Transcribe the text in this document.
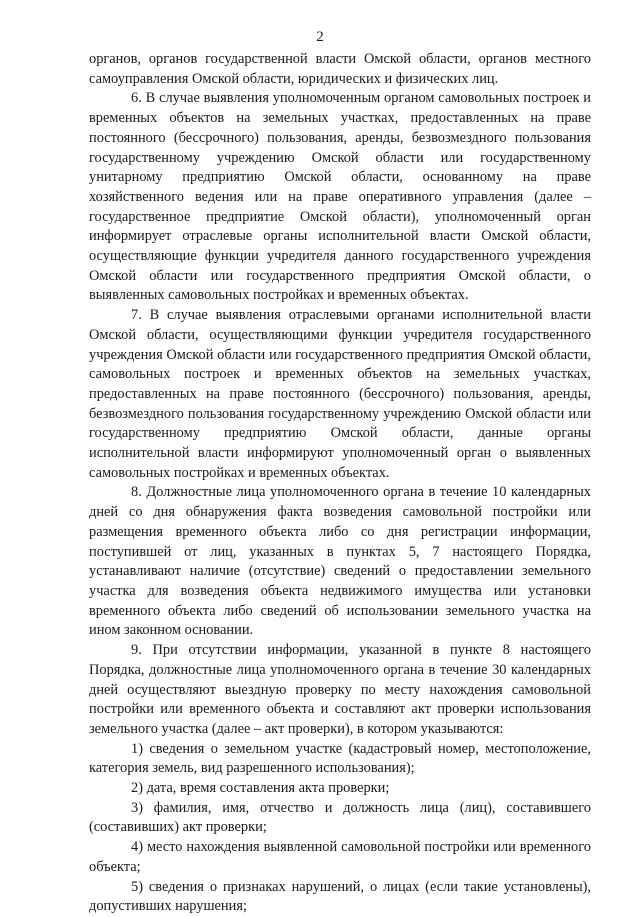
2

органов, органов государственной власти Омской области, органов местного самоуправления Омской области, юридических и физических лиц.

6. В случае выявления уполномоченным органом самовольных построек и временных объектов на земельных участках, предоставленных на праве постоянного (бессрочного) пользования, аренды, безвозмездного пользования государственному учреждению Омской области или государственному унитарному предприятию Омской области, основанному на праве хозяйственного ведения или на праве оперативного управления (далее – государственное предприятие Омской области), уполномоченный орган информирует отраслевые органы исполнительной власти Омской области, осуществляющие функции учредителя данного государственного учреждения Омской области или государственного предприятия Омской области, о выявленных самовольных постройках и временных объектах.

7. В случае выявления отраслевыми органами исполнительной власти Омской области, осуществляющими функции учредителя государственного учреждения Омской области или государственного предприятия Омской области, самовольных построек и временных объектов на земельных участках, предоставленных на праве постоянного (бессрочного) пользования, аренды, безвозмездного пользования государственному учреждению Омской области или государственному предприятию Омской области, данные органы исполнительной власти информируют уполномоченный орган о выявленных самовольных постройках и временных объектах.

8. Должностные лица уполномоченного органа в течение 10 календарных дней со дня обнаружения факта возведения самовольной постройки или размещения временного объекта либо со дня регистрации информации, поступившей от лиц, указанных в пунктах 5, 7 настоящего Порядка, устанавливают наличие (отсутствие) сведений о предоставлении земельного участка для возведения объекта недвижимого имущества или установки временного объекта либо сведений об использовании земельного участка на ином законном основании.

9. При отсутствии информации, указанной в пункте 8 настоящего Порядка, должностные лица уполномоченного органа в течение 30 календарных дней осуществляют выездную проверку по месту нахождения самовольной постройки или временного объекта и составляют акт проверки использования земельного участка (далее – акт проверки), в котором указываются:

1) сведения о земельном участке (кадастровый номер, местоположение, категория земель, вид разрешенного использования);

2) дата, время составления акта проверки;

3) фамилия, имя, отчество и должность лица (лиц), составившего (составивших) акт проверки;

4) место нахождения выявленной самовольной постройки или временного объекта;

5) сведения о признаках нарушений, о лицах (если такие установлены), допустивших нарушения;
